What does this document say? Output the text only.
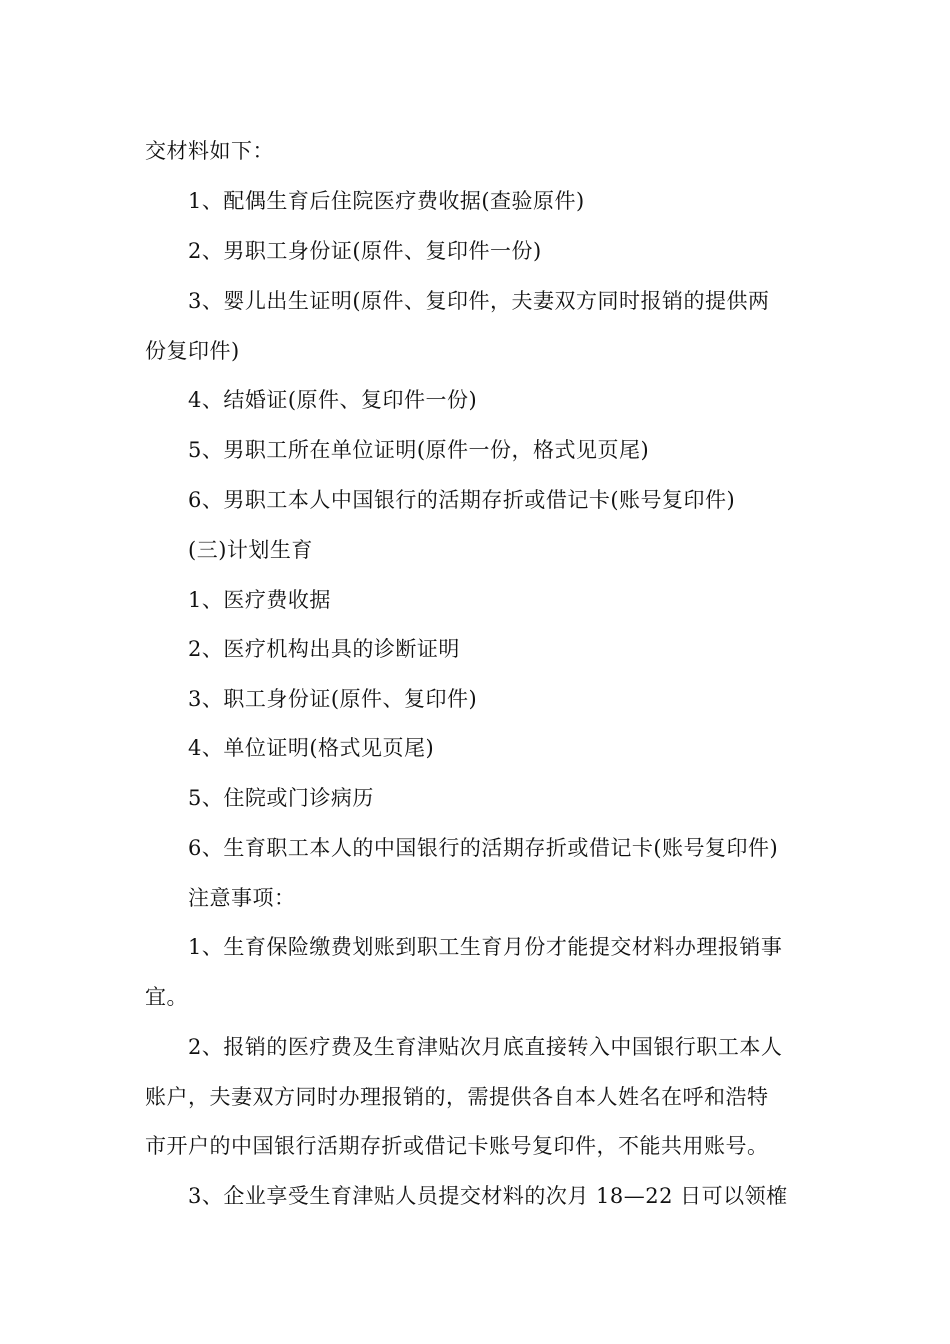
交材料如下：
1、配偶生育后住院医疗费收据(查验原件)
2、男职工身份证(原件、复印件一份)
3、婴儿出生证明(原件、复印件，夫妻双方同时报销的提供两
份复印件)
4、结婚证(原件、复印件一份)
5、男职工所在单位证明(原件一份，格式见页尾)
6、男职工本人中国银行的活期存折或借记卡(账号复印件)
(三)计划生育
1、医疗费收据
2、医疗机构出具的诊断证明
3、职工身份证(原件、复印件)
4、单位证明(格式见页尾)
5、住院或门诊病历
6、生育职工本人的中国银行的活期存折或借记卡(账号复印件)
注意事项：
1、生育保险缴费划账到职工生育月份才能提交材料办理报销事
宜。
2、报销的医疗费及生育津贴次月底直接转入中国银行职工本人
账户，夫妻双方同时办理报销的，需提供各自本人姓名在呼和浩特
市开户的中国银行活期存折或借记卡账号复印件，不能共用账号。
3、企业享受生育津贴人员提交材料的次月 18—22 日可以领榷
